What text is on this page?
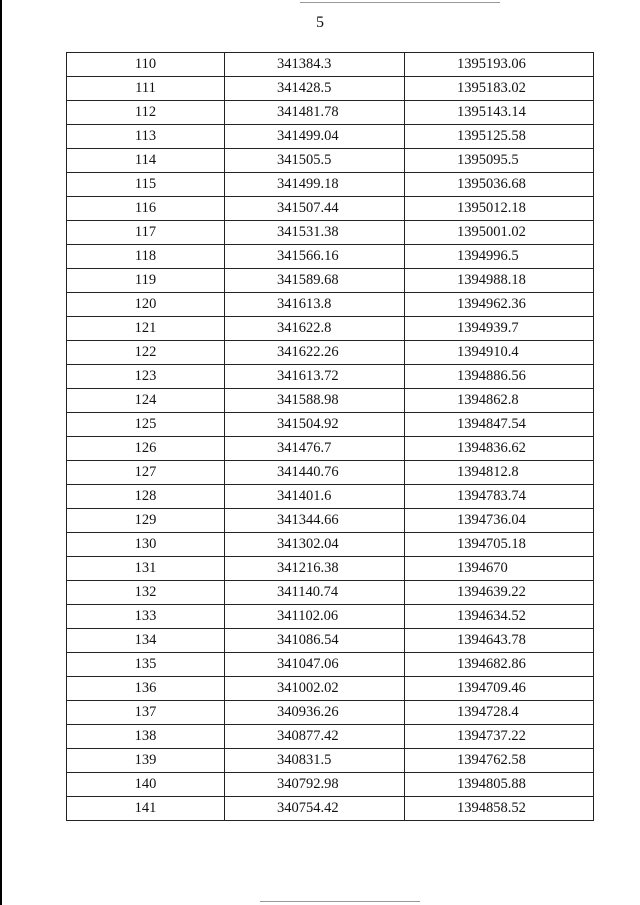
5
110	341384.3	1395193.06
111	341428.5	1395183.02
112	341481.78	1395143.14
113	341499.04	1395125.58
114	341505.5	1395095.5
115	341499.18	1395036.68
116	341507.44	1395012.18
117	341531.38	1395001.02
118	341566.16	1394996.5
119	341589.68	1394988.18
120	341613.8	1394962.36
121	341622.8	1394939.7
122	341622.26	1394910.4
123	341613.72	1394886.56
124	341588.98	1394862.8
125	341504.92	1394847.54
126	341476.7	1394836.62
127	341440.76	1394812.8
128	341401.6	1394783.74
129	341344.66	1394736.04
130	341302.04	1394705.18
131	341216.38	1394670
132	341140.74	1394639.22
133	341102.06	1394634.52
134	341086.54	1394643.78
135	341047.06	1394682.86
136	341002.02	1394709.46
137	340936.26	1394728.4
138	340877.42	1394737.22
139	340831.5	1394762.58
140	340792.98	1394805.88
141	340754.42	1394858.52
